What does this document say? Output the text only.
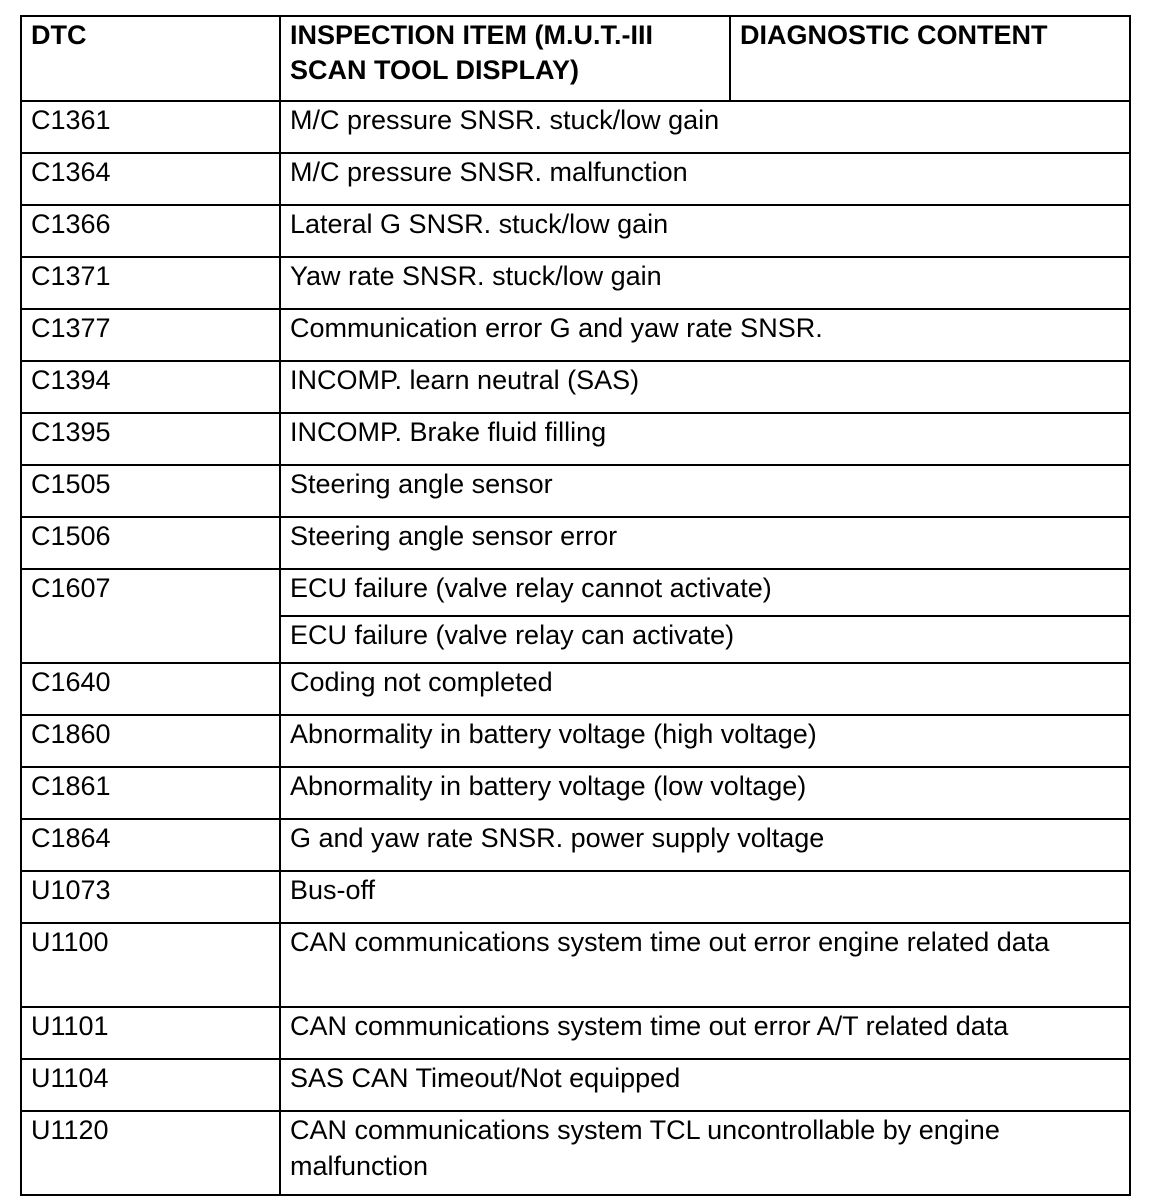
DTC	INSPECTION ITEM (M.U.T.-III SCAN TOOL DISPLAY)	DIAGNOSTIC CONTENT
C1361	M/C pressure SNSR. stuck/low gain	
C1364	M/C pressure SNSR. malfunction	
C1366	Lateral G SNSR. stuck/low gain	
C1371	Yaw rate SNSR. stuck/low gain	
C1377	Communication error G and yaw rate SNSR.	
C1394	INCOMP. learn neutral (SAS)	
C1395	INCOMP. Brake fluid filling	
C1505	Steering angle sensor	
C1506	Steering angle sensor error	
C1607	ECU failure (valve relay cannot activate)	
	ECU failure (valve relay can activate)	
C1640	Coding not completed	
C1860	Abnormality in battery voltage (high voltage)	
C1861	Abnormality in battery voltage (low voltage)	
C1864	G and yaw rate SNSR. power supply voltage	
U1073	Bus-off	
U1100	CAN communications system time out error engine related data	
U1101	CAN communications system time out error A/T related data	
U1104	SAS CAN Timeout/Not equipped	
U1120	CAN communications system TCL uncontrollable by engine malfunction	
